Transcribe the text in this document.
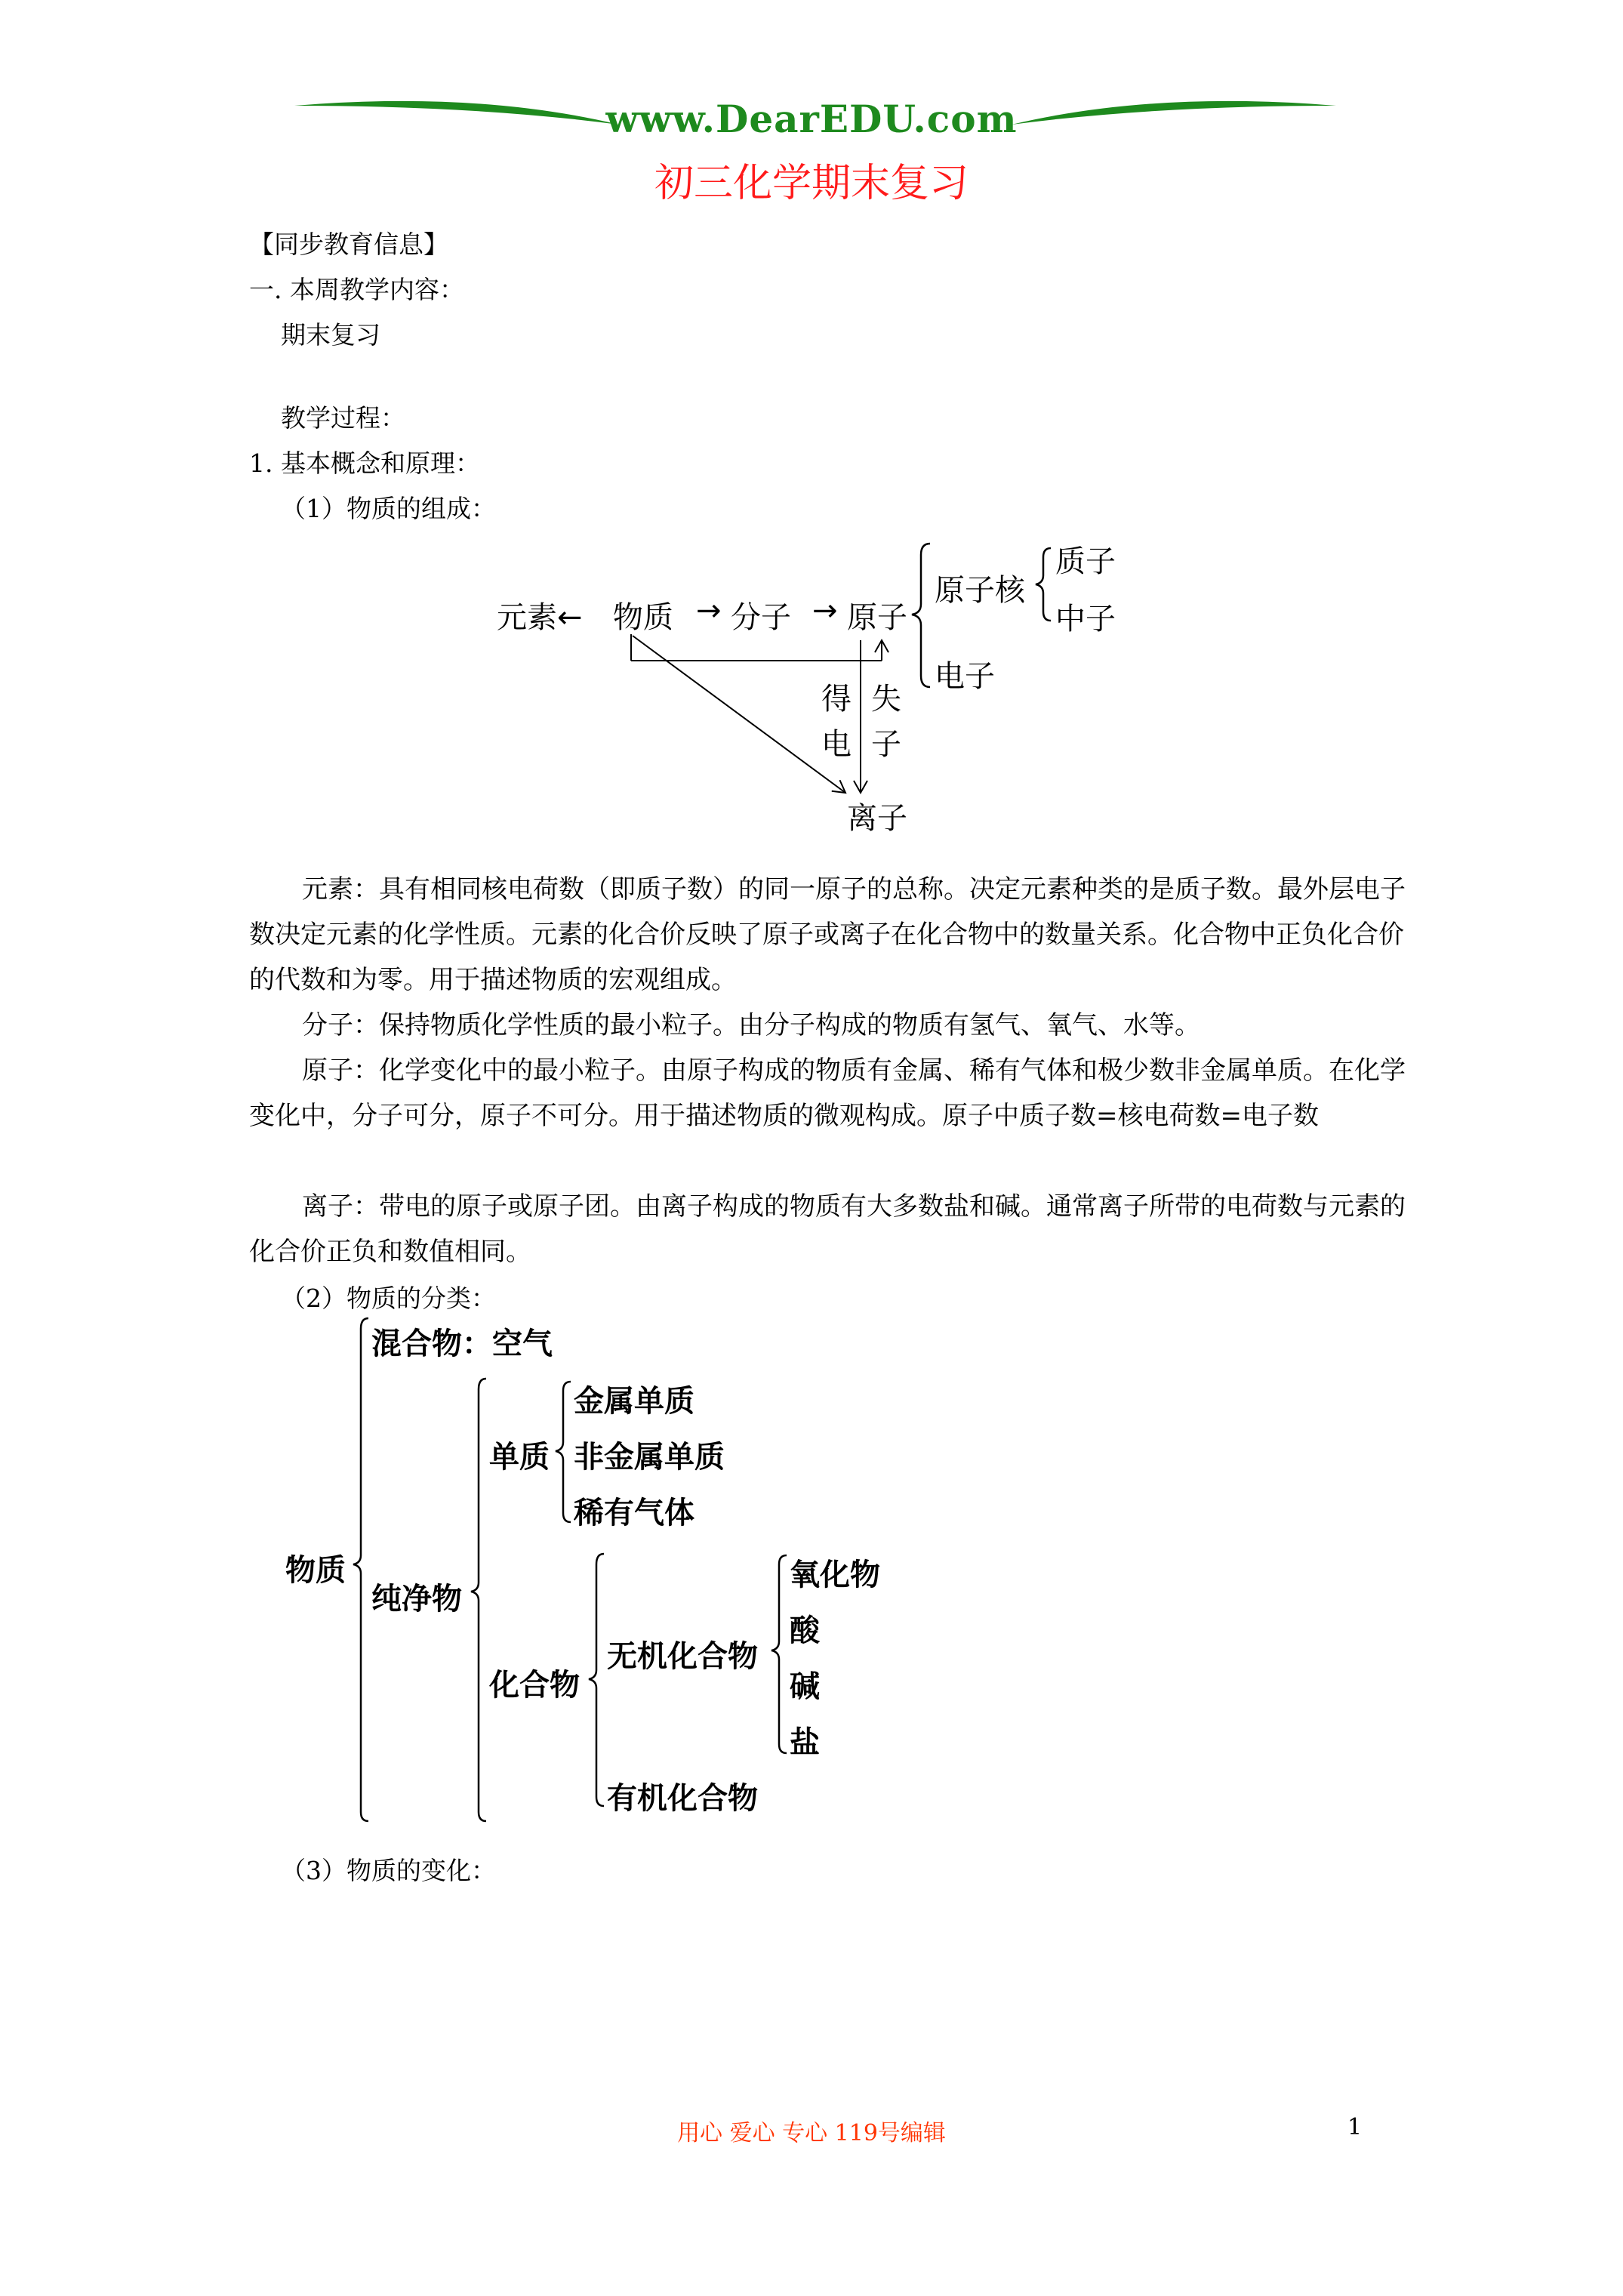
www.DearEDU.com
初三化学期末复习
【同步教育信息】
一. 本周教学内容：
期末复习
教学过程：
1. 基本概念和原理：
（1）物质的组成：
元素← 物质 → 分子 → 原子
原子核
质子
中子
电子
得
电
失
子
离子
元素：具有相同核电荷数（即质子数）的同一原子的总称。决定元素种类的是质子数。最外层电子数决定元素的化学性质。元素的化合价反映了原子或离子在化合物中的数量关系。化合物中正负化合价的代数和为零。用于描述物质的宏观组成。
分子：保持物质化学性质的最小粒子。由分子构成的物质有氢气、氧气、水等。
原子：化学变化中的最小粒子。由原子构成的物质有金属、稀有气体和极少数非金属单质。在化学变化中，分子可分，原子不可分。用于描述物质的微观构成。原子中质子数=核电荷数=电子数
离子：带电的原子或原子团。由离子构成的物质有大多数盐和碱。通常离子所带的电荷数与元素的化合价正负和数值相同。
（2）物质的分类：
物质
混合物：空气
纯净物
单质
金属单质
非金属单质
稀有气体
化合物
无机化合物
氧化物
酸
碱
盐
有机化合物
（3）物质的变化：
用心 爱心 专心 119号编辑	1
